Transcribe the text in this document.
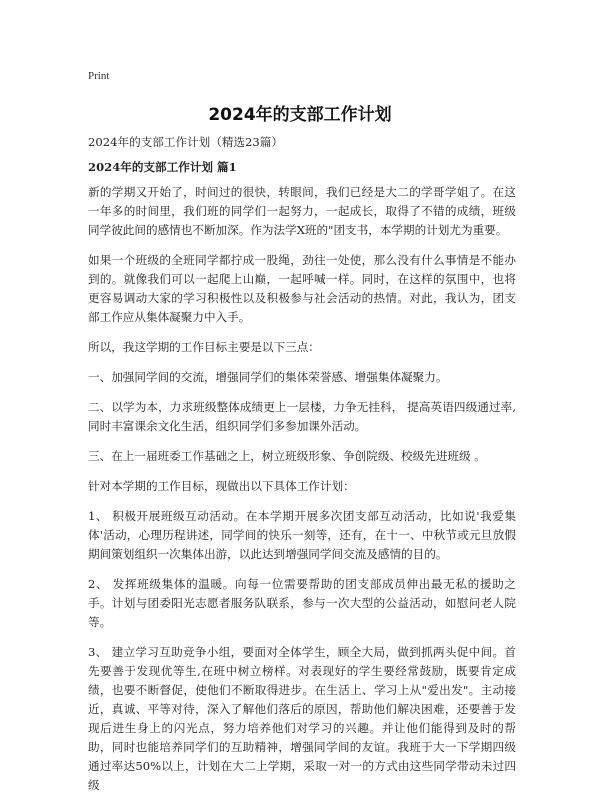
Print
2024年的支部工作计划

2024年的支部工作计划（精选23篇）

2024年的支部工作计划 篇1

新的学期又开始了，时间过的很快，转眼间，我们已经是大二的学哥学姐了。在这一年多的时间里，我们班的同学们一起努力，一起成长，取得了不错的成绩，班级同学彼此间的感情也不断加深。作为法学X班的"团支书，本学期的计划尤为重要。

如果一个班级的全班同学都拧成一股绳，劲往一处使，那么没有什么事情是不能办到的。就像我们可以一起爬上山巅，一起呼喊一样。同时，在这样的氛围中，也将更容易调动大家的学习积极性以及积极参与社会活动的热情。对此，我认为，团支部工作应从集体凝聚力中入手。

所以，我这学期的工作目标主要是以下三点：

一、加强同学间的交流，增强同学们的集体荣誉感、增强集体凝聚力。

二、以学为本，力求班级整体成绩更上一层楼，力争无挂科， 提高英语四级通过率,同时丰富课余文化生活，组织同学们多参加课外活动。

三、在上一届班委工作基础之上，树立班级形象、争创院级、校级先进班级 。

针对本学期的工作目标，现做出以下具体工作计划：

1、 积极开展班级互动活动。在本学期开展多次团支部互动活动，比如说'我爱集体'活动，心理历程讲述，同学间的快乐一刻等，还有，在十一、中秋节或元旦放假期间策划组织一次集体出游，以此达到增强同学间交流及感情的目的。

2、 发挥班级集体的温暖。向每一位需要帮助的团支部成员伸出最无私的援助之手。计划与团委阳光志愿者服务队联系，参与一次大型的公益活动，如慰问老人院等。

3、 建立学习互助竞争小组，要面对全体学生，顾全大局，做到抓两头促中间。首先要善于发现优等生,在班中树立榜样。对表现好的学生要经常鼓励，既要肯定成绩，也要不断督促，使他们不断取得进步。在生活上、学习上从"爱出发"。主动接近，真诚、平等对待，深入了解他们落后的原因，帮助他们解决困难，还要善于发现后进生身上的闪光点，努力培养他们对学习的兴趣。并让他们能得到及时的帮助，同时也能培养同学们的互助精神，增强同学间的友谊。我班于大一下学期四级通过率达50%以上，计划在大二上学期，采取一对一的方式由这些同学带动未过四级
